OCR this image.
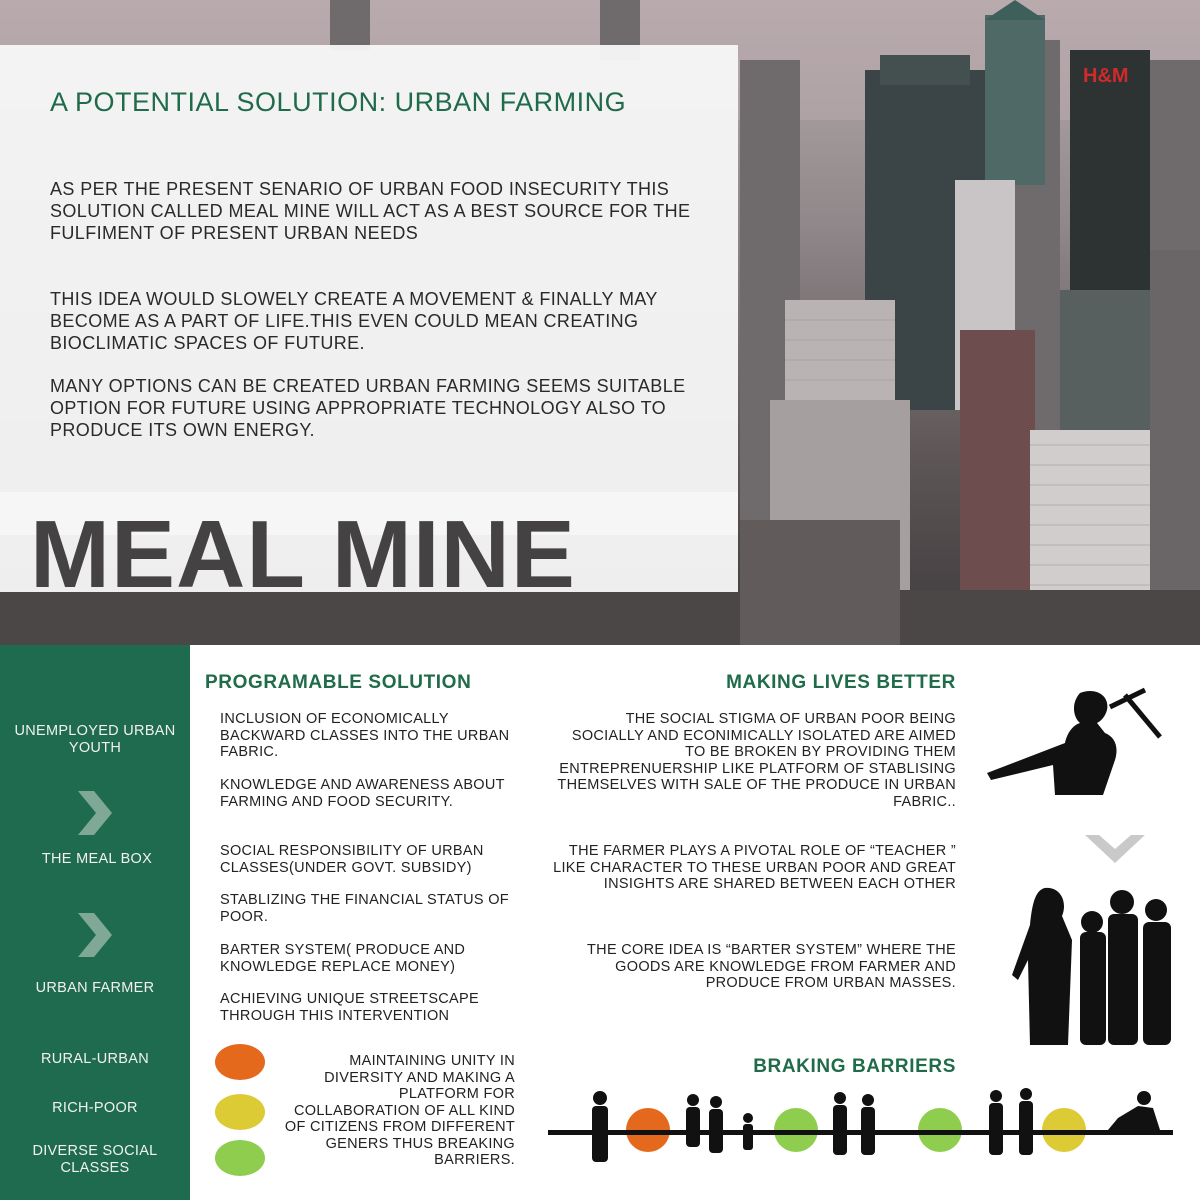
H&M
A POTENTIAL SOLUTION: URBAN FARMING
AS PER THE PRESENT SENARIO OF URBAN FOOD INSECURITY THIS SOLUTION CALLED MEAL MINE WILL ACT AS A BEST SOURCE FOR THE FULFIMENT OF PRESENT URBAN NEEDS
THIS IDEA WOULD SLOWELY CREATE A MOVEMENT & FINALLY MAY BECOME AS A PART OF LIFE.THIS EVEN COULD MEAN CREATING BIOCLIMATIC SPACES OF FUTURE.
MANY OPTIONS CAN BE CREATED URBAN FARMING SEEMS SUITABLE OPTION FOR FUTURE USING APPROPRIATE TECHNOLOGY ALSO TO PRODUCE ITS OWN ENERGY.
MEAL MINE
UNEMPLOYED URBAN YOUTH
THE MEAL BOX
URBAN FARMER
RURAL-URBAN
RICH-POOR
DIVERSE SOCIAL CLASSES
PROGRAMABLE SOLUTION
INCLUSION OF ECONOMICALLY BACKWARD CLASSES INTO THE URBAN FABRIC.
KNOWLEDGE AND AWARENESS ABOUT FARMING AND FOOD SECURITY.
SOCIAL RESPONSIBILITY OF URBAN CLASSES(UNDER GOVT. SUBSIDY)
STABLIZING THE FINANCIAL STATUS OF POOR.
BARTER SYSTEM( PRODUCE AND KNOWLEDGE REPLACE MONEY)
ACHIEVING UNIQUE STREETSCAPE THROUGH THIS INTERVENTION
MAINTAINING UNITY IN DIVERSITY AND MAKING A PLATFORM FOR COLLABORATION OF ALL KIND OF CITIZENS FROM DIFFERENT GENERS THUS BREAKING BARRIERS.
MAKING LIVES BETTER
THE SOCIAL STIGMA OF URBAN POOR BEING SOCIALLY AND ECONIMICALLY ISOLATED ARE AIMED TO BE BROKEN BY PROVIDING THEM ENTREPRENUERSHIP LIKE PLATFORM OF STABLISING THEMSELVES WITH SALE OF THE PRODUCE IN URBAN FABRIC..
THE FARMER PLAYS A PIVOTAL ROLE OF “TEACHER ” LIKE CHARACTER TO THESE URBAN POOR AND GREAT INSIGHTS ARE SHARED BETWEEN EACH OTHER
THE CORE IDEA IS “BARTER SYSTEM” WHERE THE GOODS ARE KNOWLEDGE FROM FARMER AND PRODUCE FROM URBAN MASSES.
BRAKING BARRIERS
